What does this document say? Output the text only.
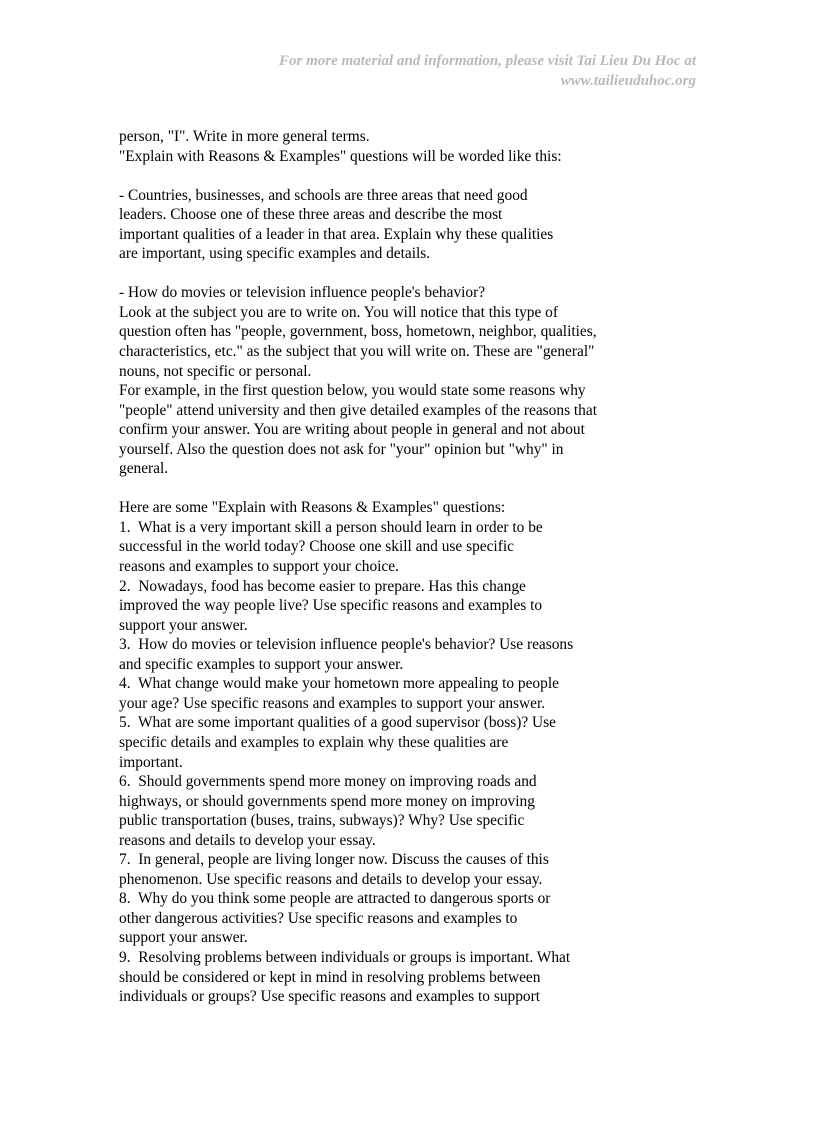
For more material and information, please visit Tai Lieu Du Hoc at
www.tailieuduhoc.org
person, "I". Write in more general terms.
"Explain with Reasons & Examples" questions will be worded like this:
- Countries, businesses, and schools are three areas that need good
leaders. Choose one of these three areas and describe the most
important qualities of a leader in that area. Explain why these qualities
are important, using specific examples and details.
- How do movies or television influence people's behavior?
Look at the subject you are to write on. You will notice that this type of
question often has "people, government, boss, hometown, neighbor, qualities,
characteristics, etc." as the subject that you will write on. These are "general"
nouns, not specific or personal.
For example, in the first question below, you would state some reasons why
"people" attend university and then give detailed examples of the reasons that
confirm your answer. You are writing about people in general and not about
yourself. Also the question does not ask for "your" opinion but "why" in
general.
Here are some "Explain with Reasons & Examples" questions:
1.  What is a very important skill a person should learn in order to be
successful in the world today? Choose one skill and use specific
reasons and examples to support your choice.
2.  Nowadays, food has become easier to prepare. Has this change
improved the way people live? Use specific reasons and examples to
support your answer.
3.  How do movies or television influence people's behavior? Use reasons
and specific examples to support your answer.
4.  What change would make your hometown more appealing to people
your age? Use specific reasons and examples to support your answer.
5.  What are some important qualities of a good supervisor (boss)? Use
specific details and examples to explain why these qualities are
important.
6.  Should governments spend more money on improving roads and
highways, or should governments spend more money on improving
public transportation (buses, trains, subways)? Why? Use specific
reasons and details to develop your essay.
7.  In general, people are living longer now. Discuss the causes of this
phenomenon. Use specific reasons and details to develop your essay.
8.  Why do you think some people are attracted to dangerous sports or
other dangerous activities? Use specific reasons and examples to
support your answer.
9.  Resolving problems between individuals or groups is important. What
should be considered or kept in mind in resolving problems between
individuals or groups? Use specific reasons and examples to support
